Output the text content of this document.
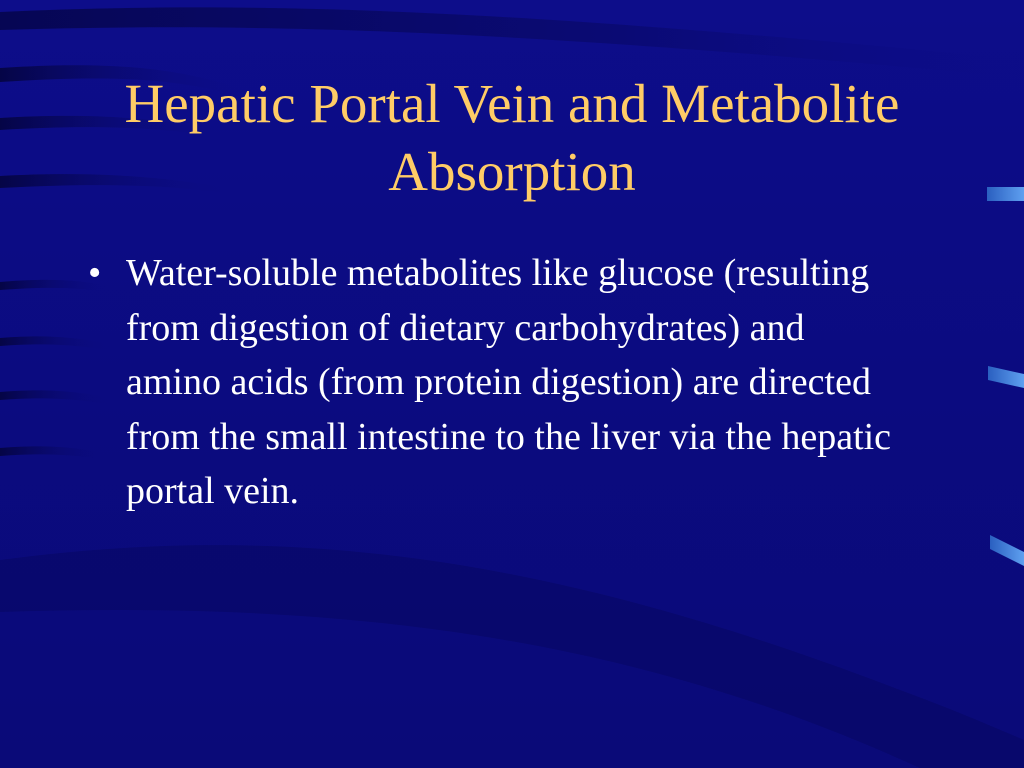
Hepatic Portal Vein and Metabolite Absorption
• Water-soluble metabolites like glucose (resulting from digestion of dietary carbohydrates) and amino acids (from protein digestion) are directed from the small intestine to the liver via the hepatic portal vein.
